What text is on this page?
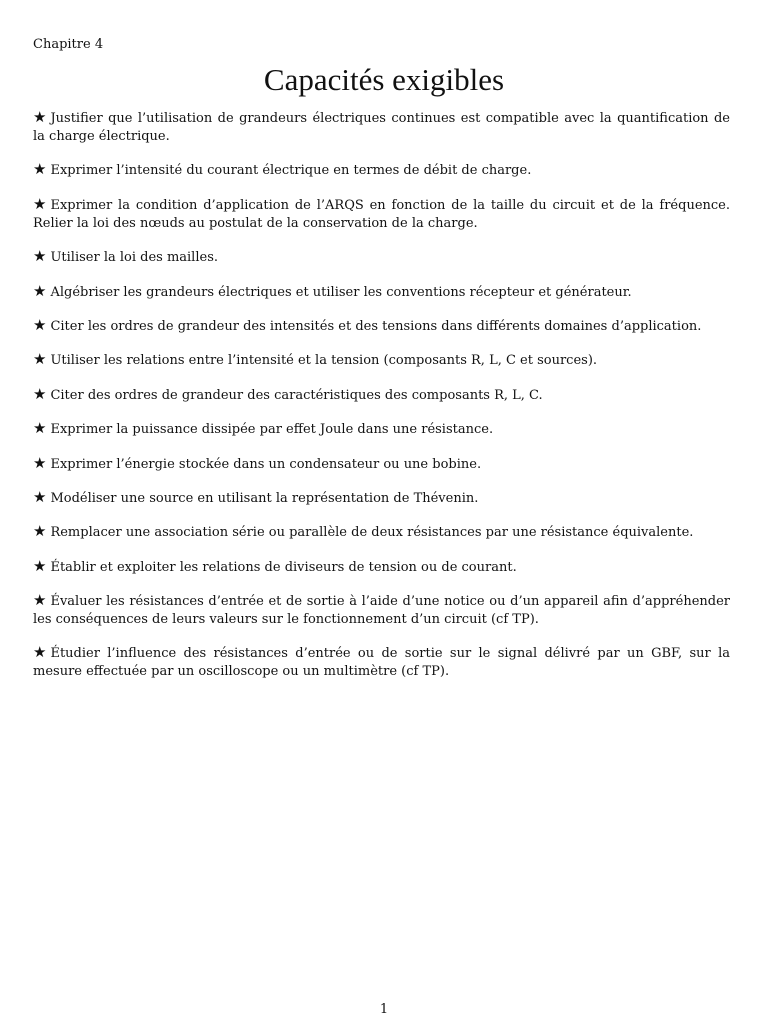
Chapitre 4
Capacités exigibles
★ Justifier que l’utilisation de grandeurs électriques continues est compatible avec la quantification de la charge électrique.
★ Exprimer l’intensité du courant électrique en termes de débit de charge.
★ Exprimer la condition d’application de l’ARQS en fonction de la taille du circuit et de la fréquence. Relier la loi des nœuds au postulat de la conservation de la charge.
★ Utiliser la loi des mailles.
★ Algébriser les grandeurs électriques et utiliser les conventions récepteur et générateur.
★ Citer les ordres de grandeur des intensités et des tensions dans différents domaines d’application.
★ Utiliser les relations entre l’intensité et la tension (composants R, L, C et sources).
★ Citer des ordres de grandeur des caractéristiques des composants R, L, C.
★ Exprimer la puissance dissipée par effet Joule dans une résistance.
★ Exprimer l’énergie stockée dans un condensateur ou une bobine.
★ Modéliser une source en utilisant la représentation de Thévenin.
★ Remplacer une association série ou parallèle de deux résistances par une résistance équivalente.
★ Établir et exploiter les relations de diviseurs de tension ou de courant.
★ Évaluer les résistances d’entrée et de sortie à l’aide d’une notice ou d’un appareil afin d’appréhender les conséquences de leurs valeurs sur le fonctionnement d’un circuit (cf TP).
★ Étudier l’influence des résistances d’entrée ou de sortie sur le signal délivré par un GBF, sur la mesure effectuée par un oscilloscope ou un multimètre (cf TP).
1
